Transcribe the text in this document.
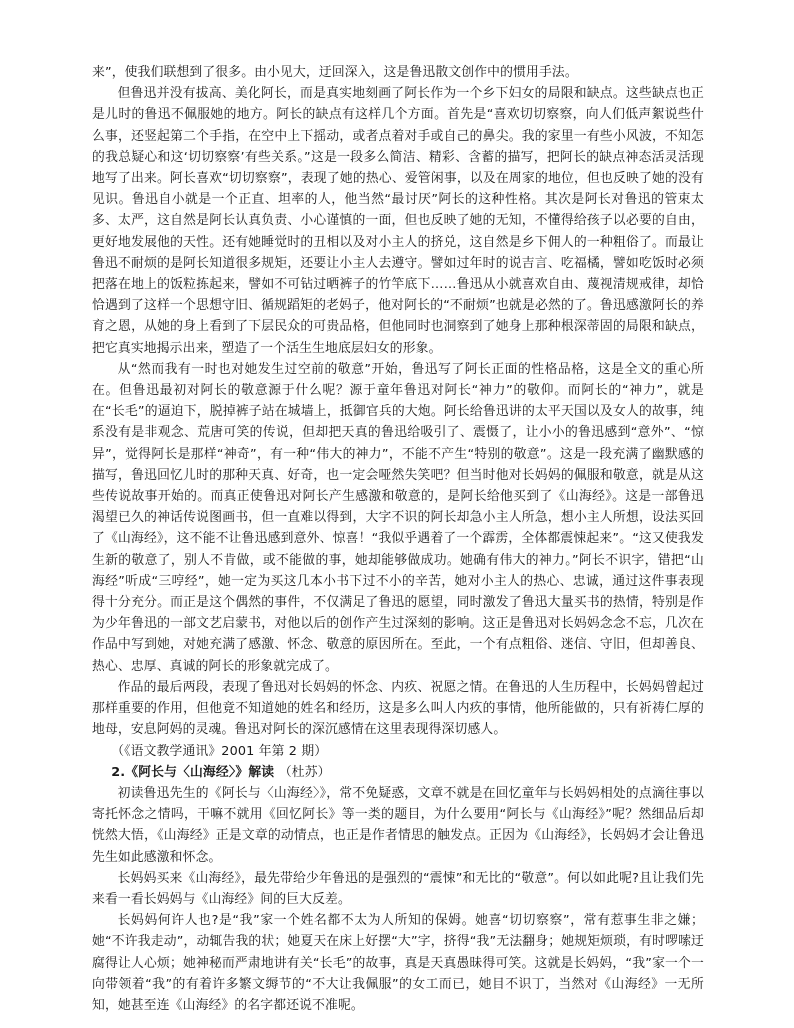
来”，使我们联想到了很多。由小见大，迂回深入，这是鲁迅散文创作中的惯用手法。

但鲁迅并没有拔高、美化阿长，而是真实地刻画了阿长作为一个乡下妇女的局限和缺点。这些缺点也正是儿时的鲁迅不佩服她的地方。阿长的缺点有这样几个方面。首先是“喜欢切切察察，向人们低声絮说些什么事，还竖起第二个手指，在空中上下摇动，或者点着对手或自己的鼻尖。我的家里一有些小风波，不知怎的我总疑心和这‘切切察察’有些关系。”这是一段多么简洁、精彩、含蓄的描写，把阿长的缺点神态活灵活现地写了出来。阿长喜欢“切切察察”，表现了她的热心、爱管闲事，以及在周家的地位，但也反映了她的没有见识。鲁迅自小就是一个正直、坦率的人，他当然“最讨厌”阿长的这种性格。其次是阿长对鲁迅的管束太多、太严，这自然是阿长认真负责、小心谨慎的一面，但也反映了她的无知，不懂得给孩子以必要的自由，更好地发展他的天性。还有她睡觉时的丑相以及对小主人的挤兑，这自然是乡下佣人的一种粗俗了。而最让鲁迅不耐烦的是阿长知道很多规矩，还要让小主人去遵守。譬如过年时的说吉言、吃福橘，譬如吃饭时必须把落在地上的饭粒拣起来，譬如不可钻过晒裤子的竹竿底下……鲁迅从小就喜欢自由、蔑视清规戒律，却恰恰遇到了这样一个思想守旧、循规蹈矩的老妈子，他对阿长的“不耐烦”也就是必然的了。鲁迅感激阿长的养育之恩，从她的身上看到了下层民众的可贵品格，但他同时也洞察到了她身上那种根深蒂固的局限和缺点，把它真实地揭示出来，塑造了一个活生生地底层妇女的形象。

从“然而我有一时也对她发生过空前的敬意”开始，鲁迅写了阿长正面的性格品格，这是全文的重心所在。但鲁迅最初对阿长的敬意源于什么呢？源于童年鲁迅对阿长“神力”的敬仰。而阿长的“神力”，就是在“长毛”的逼迫下，脱掉裤子站在城墙上，抵御官兵的大炮。阿长给鲁迅讲的太平天国以及女人的故事，纯系没有是非观念、荒唐可笑的传说，但却把天真的鲁迅给吸引了、震慑了，让小小的鲁迅感到“意外”、“惊异”，觉得阿长是那样“神奇”，有一种“伟大的神力”，不能不产生“特别的敬意”。这是一段充满了幽默感的描写，鲁迅回忆儿时的那种天真、好奇，也一定会哑然失笑吧？但当时他对长妈妈的佩服和敬意，就是从这些传说故事开始的。而真正使鲁迅对阿长产生感激和敬意的，是阿长给他买到了《山海经》。这是一部鲁迅渴望已久的神话传说图画书，但一直难以得到，大字不识的阿长却急小主人所急，想小主人所想，设法买回了《山海经》，这不能不让鲁迅感到意外、惊喜！“我似乎遇着了一个霹雳，全体都震悚起来”。“这又使我发生新的敬意了，别人不肯做，或不能做的事，她却能够做成功。她确有伟大的神力。”阿长不识字，错把“山海经”听成“三哼经”，她一定为买这几本小书下过不小的辛苦，她对小主人的热心、忠诚，通过这件事表现得十分充分。而正是这个偶然的事件，不仅满足了鲁迅的愿望，同时激发了鲁迅大量买书的热情，特别是作为少年鲁迅的一部文艺启蒙书，对他以后的创作产生过深刻的影响。这正是鲁迅对长妈妈念念不忘，几次在作品中写到她，对她充满了感激、怀念、敬意的原因所在。至此，一个有点粗俗、迷信、守旧，但却善良、热心、忠厚、真诚的阿长的形象就完成了。

作品的最后两段，表现了鲁迅对长妈妈的怀念、内疚、祝愿之情。在鲁迅的人生历程中，长妈妈曾起过那样重要的作用，但他竟不知道她的姓名和经历，这是多么叫人内疚的事情，他所能做的，只有祈祷仁厚的地母，安息阿妈的灵魂。鲁迅对阿长的深沉感情在这里表现得深切感人。

（《语文教学通讯》2001 年第 2 期）

2.《阿长与〈山海经〉》解读 （杜苏）

初读鲁迅先生的《阿长与〈山海经〉》，常不免疑惑，文章不就是在回忆童年与长妈妈相处的点滴往事以寄托怀念之情吗，干嘛不就用《回忆阿长》等一类的题目，为什么要用“阿长与《山海经》”呢？然细品后却恍然大悟，《山海经》正是文章的动情点，也正是作者情思的触发点。正因为《山海经》，长妈妈才会让鲁迅先生如此感激和怀念。

长妈妈买来《山海经》，最先带给少年鲁迅的是强烈的“震悚”和无比的“敬意”。何以如此呢?且让我们先来看一看长妈妈与《山海经》间的巨大反差。

长妈妈何许人也?是“我”家一个姓名都不太为人所知的保姆。她喜“切切察察”，常有惹事生非之嫌；她“不许我走动”，动辄告我的状；她夏天在床上好摆“大”字，挤得“我”无法翻身；她规矩烦琐，有时啰嗦迂腐得让人心烦；她神秘而严肃地讲有关“长毛”的故事，真是天真愚昧得可笑。这就是长妈妈，“我”家一个一向带领着“我”的有着许多繁文缛节的“不大让我佩服”的女工而已，她目不识丁，当然对《山海经》一无所知，她甚至连《山海经》的名字都还说不准呢。
